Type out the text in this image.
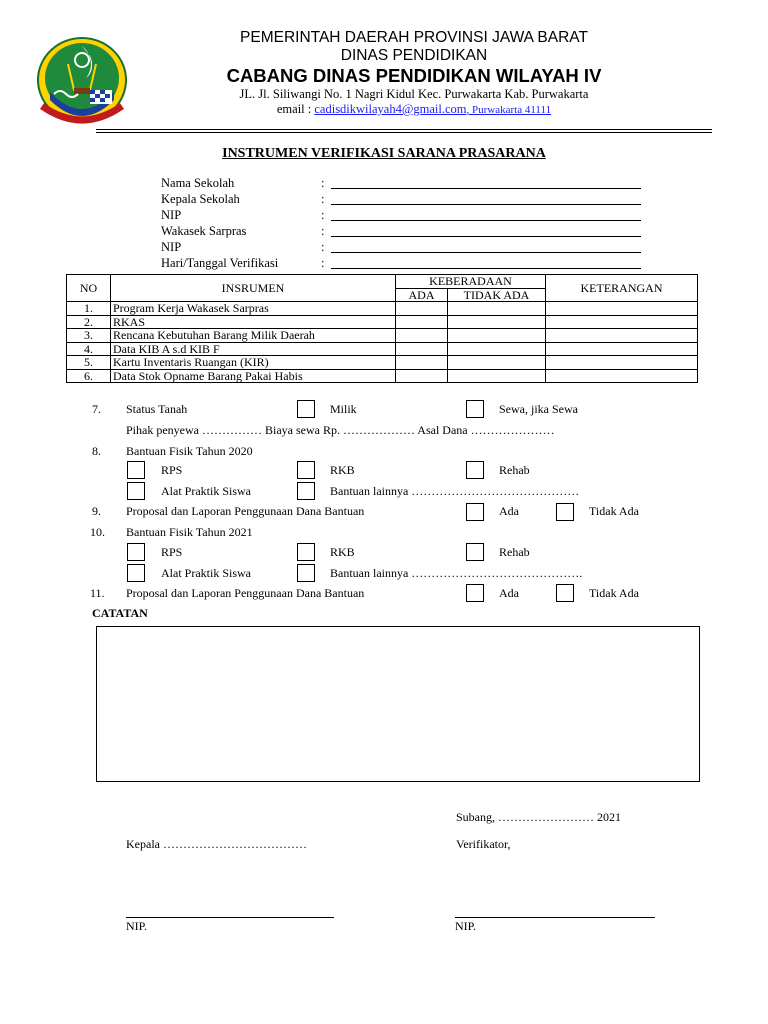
PEMERINTAH DAERAH PROVINSI JAWA BARAT
DINAS PENDIDIKAN
CABANG DINAS PENDIDIKAN WILAYAH IV
JL. Jl. Siliwangi No. 1 Nagri Kidul Kec. Purwakarta Kab. Purwakarta
email : cadisdikwilayah4@gmail.com, Purwakarta 41111
INSTRUMEN VERIFIKASI SARANA PRASARANA
Nama Sekolah	:
Kepala Sekolah	:
NIP	:
Wakasek Sarpras	:
NIP	:
Hari/Tanggal Verifikasi	:
NO	INSRUMEN	KEBERADAAN		KETERANGAN
		ADA	TIDAK ADA	
1.	Program Kerja Wakasek Sarpras			
2.	RKAS			
3.	Rencana Kebutuhan Barang Milik Daerah			
4.	Data KIB A s.d KIB F			
5.	Kartu Inventaris Ruangan (KIR)			
6.	Data Stok Opname Barang Pakai Habis			
7. Status Tanah	Milik	Sewa, jika Sewa
Pihak penyewa …………… Biaya sewa Rp. ……………… Asal Dana …………………
8. Bantuan Fisik Tahun 2020
RPS	RKB	Rehab
Alat Praktik Siswa	Bantuan lainnya ……………………………………
9. Proposal dan Laporan Penggunaan Dana Bantuan	Ada	Tidak Ada
10. Bantuan Fisik Tahun 2021
RPS	RKB	Rehab
Alat Praktik Siswa	Bantuan lainnya …………………………………….
11. Proposal dan Laporan Penggunaan Dana Bantuan	Ada	Tidak Ada
CATATAN
Subang, …………………… 2021
Kepala ………………………………	Verifikator,
NIP.	NIP.
